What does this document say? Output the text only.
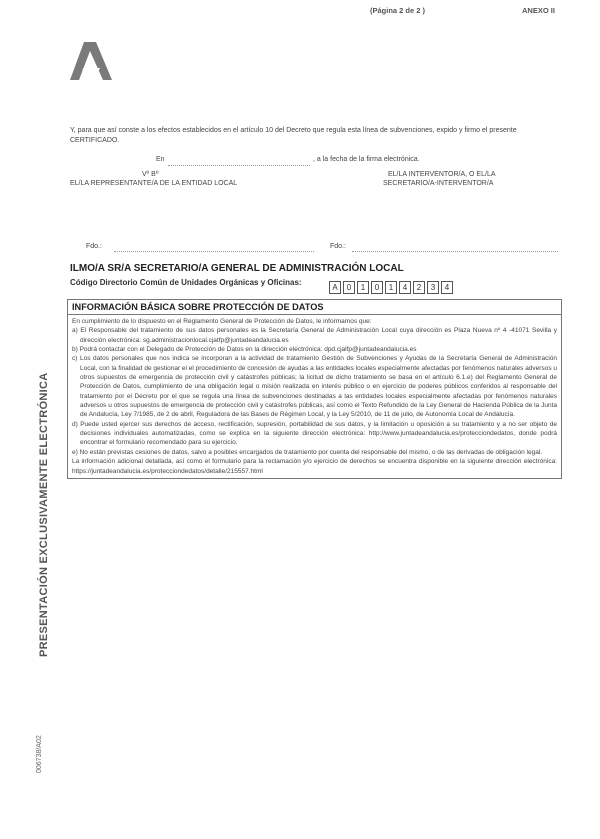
(Página 2 de 2 )	ANEXO II
Y, para que así conste a los efectos establecidos en el artículo 10 del Decreto que regula esta línea de subvenciones, expido y firmo el presente CERTIFICADO.
En	, a la fecha de la firma electrónica.
Vº Bº
EL/LA REPRESENTANTE/A DE LA ENTIDAD LOCAL
EL/LA INTERVENTOR/A, O EL/LA
SECRETARIO/A-INTERVENTOR/A
Fdo.:	Fdo.:
ILMO/A SR/A SECRETARIO/A GENERAL DE ADMINISTRACIÓN LOCAL
Código Directorio Común de Unidades Orgánicas y Oficinas:
A 0 1 0 1 4 2 3 4
INFORMACIÓN BÁSICA SOBRE PROTECCIÓN DE DATOS

En cumplimiento de lo dispuesto en el Reglamento General de Protección de Datos, le informamos que:

a) El Responsable del tratamiento de sus datos personales es la Secretaría General de Administración Local cuya dirección es Plaza Nueva nº 4 -41071 Sevilla y dirección electrónica: sg.administracionlocal.cjatfp@juntadeandalucia.es

b) Podrá contactar con el Delegado de Protección de Datos en la dirección electrónica: dpd.cjalfp@juntadeandalucia.es

c) Los datos personales que nos indica se incorporan a la actividad de tratamiento Gestión de Subvenciones y Ayudas de la Secretaría General de Administración Local, con la finalidad de gestionar el el procedimiento de concesión de ayudas a las entidades locales especialmente afectadas por fenómenos naturales adversos u otros supuestos de emergencia de protección civil y catástrofes públicas; la licitud de dicho tratamiento se basa en el artículo 6.1.e) del Reglamento General de Protección de Datos, cumplimiento de una obligación legal o misión realizada en interés público o en ejercicio de poderes públicos conferidos al responsable del tratamiento por el Decreto por el que se regula una línea de subvenciones destinadas a las entidades locales especialmente afectadas por fenómenos naturales adversos u otros supuestos de emergencia de protección civil y catástrofes públicas, así como el Texto Refundido de la Ley General de Hacienda Pública de la Junta de Andalucía, Ley 7/1985, de 2 de abril, Reguladora de las Bases de Régimen Local, y la Ley 5/2010, de 11 de julio, de Autonomía Local de Andalucía.

d) Puede usted ejercer sus derechos de acceso, rectificación, supresión, portabilidad de sus datos, y la limitación u oposición a su tratamiento y a no ser objeto de decisiones individuales automatizadas, como se explica en la siguiente dirección electrónica: http://www.juntadeandalucia.es/protecciondedatos, donde podrá encontrar el formulario recomendado para su ejercicio.

e) No están previstas cesiones de datos, salvo a posibles encargados de tratamiento por cuenta del responsable del mismo, o de las derivadas de obligación legal.

La información adicional detallada, así como el formulario para la reclamación y/o ejercicio de derechos se encuentra disponible en la siguiente dirección electrónica: https://juntadeandalucia.es/protecciondedatos/detalle/215557.html

PRESENTACIÓN EXCLUSIVAMENTE ELECTRÓNICA
006738/A02
